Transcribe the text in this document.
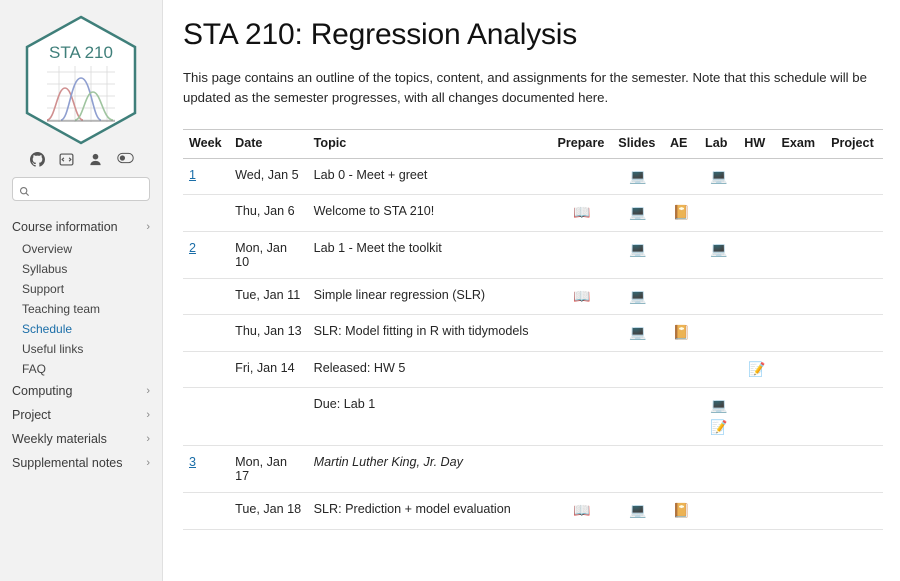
STA 210
Course information	›
Overview
Syllabus
Support
Teaching team
Schedule
Useful links
FAQ
Computing	›
Project	›
Weekly materials	›
Supplemental notes ›
STA 210: Regression Analysis

This page contains an outline of the topics, content, and assignments for the semester. Note that this schedule will be updated as the semester progresses, with all changes documented here.

Week	Date	Topic	Prepare	Slides	AE	Lab	HW	Exam	Project
1	Wed, Jan 5	Lab 0 - Meet + greet		💻		💻			

	Thu, Jan 6	Welcome to STA 210!	📖	💻	📔				

2	Mon, Jan 10	Lab 1 - Meet the toolkit		💻		💻			

	Tue, Jan 11	Simple linear regression (SLR)	📖	💻					

	Thu, Jan 13	SLR: Model fitting in R with tidymodels		💻	📔				

	Fri, Jan 14	Released: HW 5					📝		

		Due: Lab 1				💻
📝			

3	Mon, Jan 17	Martin Luther King, Jr. Day							
	Tue, Jan 18	SLR: Prediction + model evaluation	📖	💻	📔				
